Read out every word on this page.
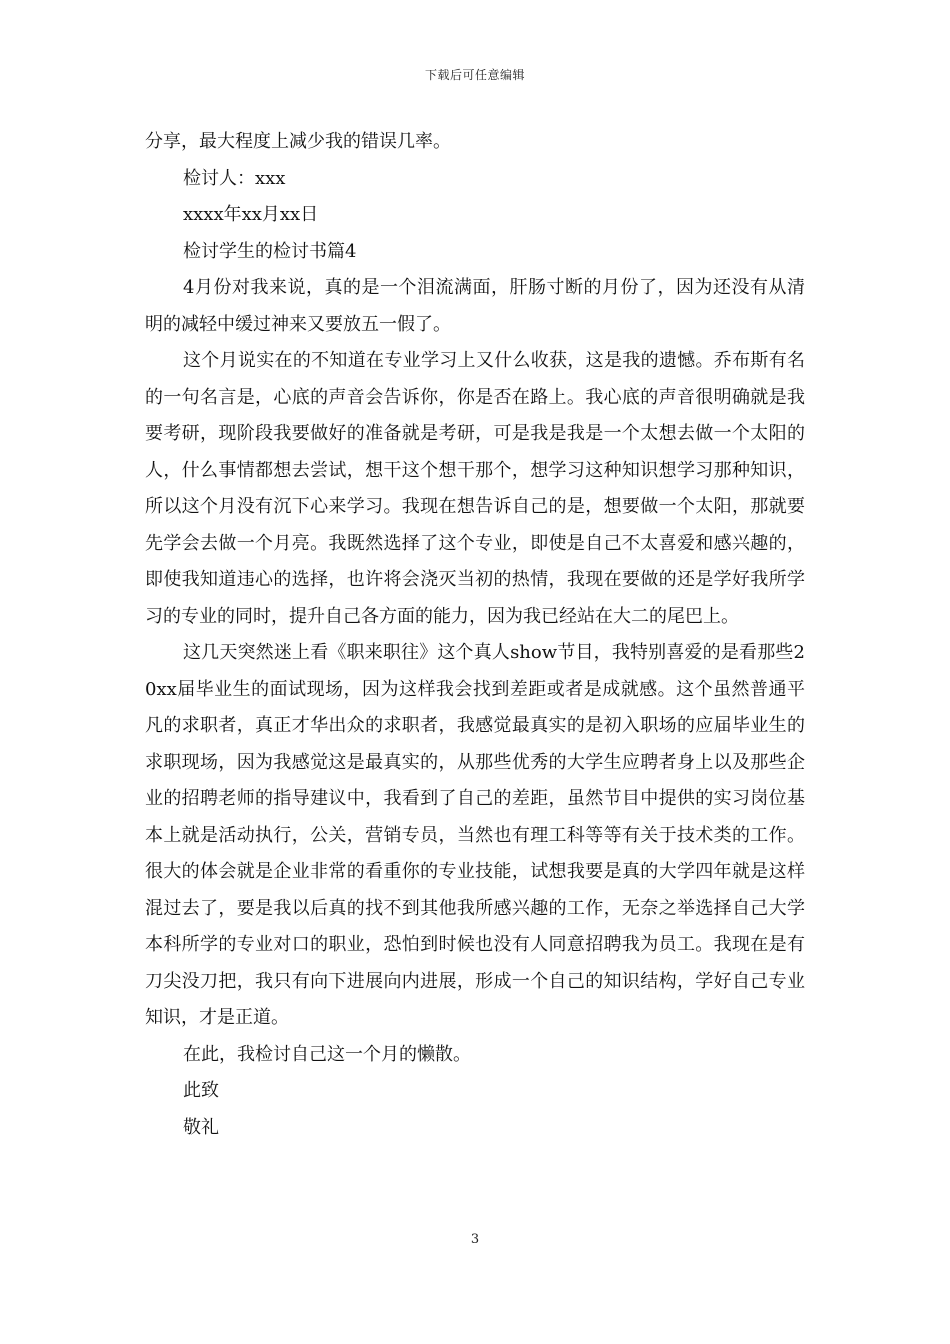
下载后可任意编辑

分享，最大程度上减少我的错误几率。

检讨人：xxx

xxxx年xx月xx日

检讨学生的检讨书篇4

4月份对我来说，真的是一个泪流满面，肝肠寸断的月份了，因为还没有从清明的减轻中缓过神来又要放五一假了。

这个月说实在的不知道在专业学习上又什么收获，这是我的遗憾。乔布斯有名的一句名言是，心底的声音会告诉你，你是否在路上。我心底的声音很明确就是我要考研，现阶段我要做好的准备就是考研，可是我是我是一个太想去做一个太阳的人，什么事情都想去尝试，想干这个想干那个，想学习这种知识想学习那种知识，所以这个月没有沉下心来学习。我现在想告诉自己的是，想要做一个太阳，那就要先学会去做一个月亮。我既然选择了这个专业，即使是自己不太喜爱和感兴趣的，即使我知道违心的选择，也许将会浇灭当初的热情，我现在要做的还是学好我所学习的专业的同时，提升自己各方面的能力，因为我已经站在大二的尾巴上。

这几天突然迷上看《职来职往》这个真人show节目，我特别喜爱的是看那些20xx届毕业生的面试现场，因为这样我会找到差距或者是成就感。这个虽然普通平凡的求职者，真正才华出众的求职者，我感觉最真实的是初入职场的应届毕业生的求职现场，因为我感觉这是最真实的，从那些优秀的大学生应聘者身上以及那些企业的招聘老师的指导建议中，我看到了自己的差距，虽然节目中提供的实习岗位基本上就是活动执行，公关，营销专员，当然也有理工科等等有关于技术类的工作。很大的体会就是企业非常的看重你的专业技能，试想我要是真的大学四年就是这样混过去了，要是我以后真的找不到其他我所感兴趣的工作，无奈之举选择自己大学本科所学的专业对口的职业，恐怕到时候也没有人同意招聘我为员工。我现在是有刀尖没刀把，我只有向下进展向内进展，形成一个自己的知识结构，学好自己专业知识，才是正道。

在此，我检讨自己这一个月的懒散。

此致

敬礼

3
